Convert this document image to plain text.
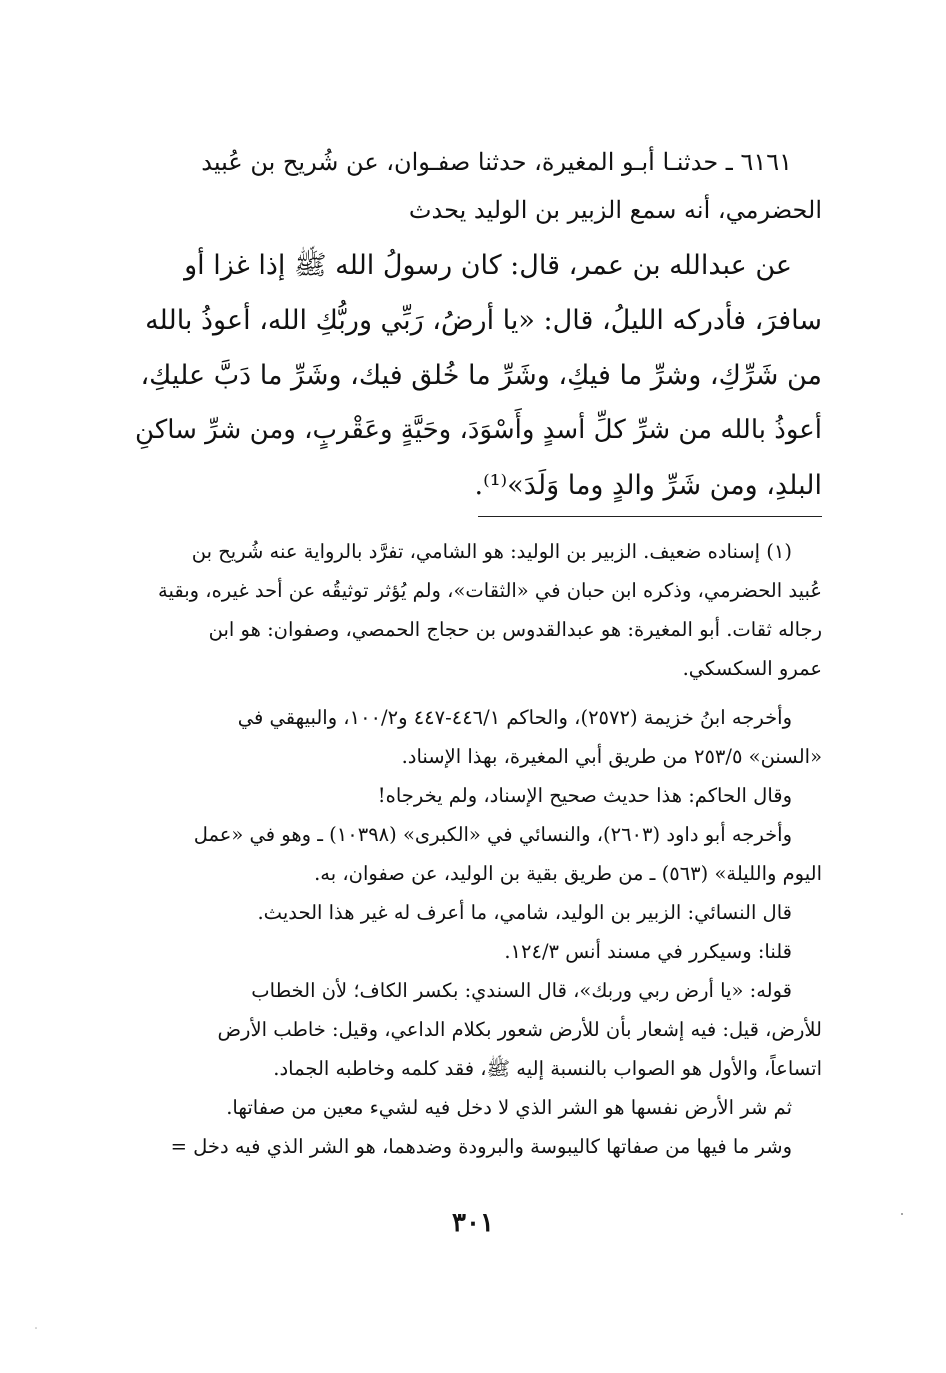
٦١٦١ ـ حدثنـا أبـو المغيرة، حدثنا صفـوان، عن شُريح بن عُبيد
الحضرمي، أنه سمع الزبير بن الوليد يحدث
عن عبدالله بن عمر، قال: كان رسولُ الله ﷺ إذا غزا أو
سافرَ، فأدركه الليلُ، قال: «يا أرضُ، رَبِّي وربُّكِ الله، أعوذُ بالله
من شَرِّكِ، وشرِّ ما فيكِ، وشَرِّ ما خُلق فيك، وشَرِّ ما دَبَّ عليكِ،
أعوذُ بالله من شرِّ كلِّ أسدٍ وأَسْوَدَ، وحَيَّةٍ وعَقْربٍ، ومن شرِّ ساكنِ
البلدِ، ومن شَرِّ والدٍ وما وَلَدَ»⁽¹⁾.
(١) إسناده ضعيف. الزبير بن الوليد: هو الشامي، تفرَّد بالرواية عنه شُريح بن
عُبيد الحضرمي، وذكره ابن حبان في «الثقات»، ولم يُؤثر توثيقُه عن أحد غيره، وبقية
رجاله ثقات. أبو المغيرة: هو عبدالقدوس بن حجاج الحمصي، وصفوان: هو ابن
عمرو السكسكي.
وأخرجه ابنُ خزيمة (٢٥٧٢)، والحاكم ٤٤٦/١-٤٤٧ و١٠٠/٢، والبيهقي في
«السنن» ٢٥٣/٥ من طريق أبي المغيرة، بهذا الإسناد.
وقال الحاكم: هذا حديث صحيح الإسناد، ولم يخرجاه!
وأخرجه أبو داود (٢٦٠٣)، والنسائي في «الكبرى» (١٠٣٩٨) ـ وهو في «عمل
اليوم والليلة» (٥٦٣) ـ من طريق بقية بن الوليد، عن صفوان، به.
قال النسائي: الزبير بن الوليد، شامي، ما أعرف له غير هذا الحديث.
قلنا: وسيكرر في مسند أنس ١٢٤/٣.
قوله: «يا أرض ربي وربك»، قال السندي: بكسر الكاف؛ لأن الخطاب
للأرض، قيل: فيه إشعار بأن للأرض شعور بكلام الداعي، وقيل: خاطب الأرض
اتساعاً، والأول هو الصواب بالنسبة إليه ﷺ، فقد كلمه وخاطبه الجماد.
ثم شر الأرض نفسها هو الشر الذي لا دخل فيه لشيء معين من صفاتها.
وشر ما فيها من صفاتها كاليبوسة والبرودة وضدهما، هو الشر الذي فيه دخل =
٣٠١
